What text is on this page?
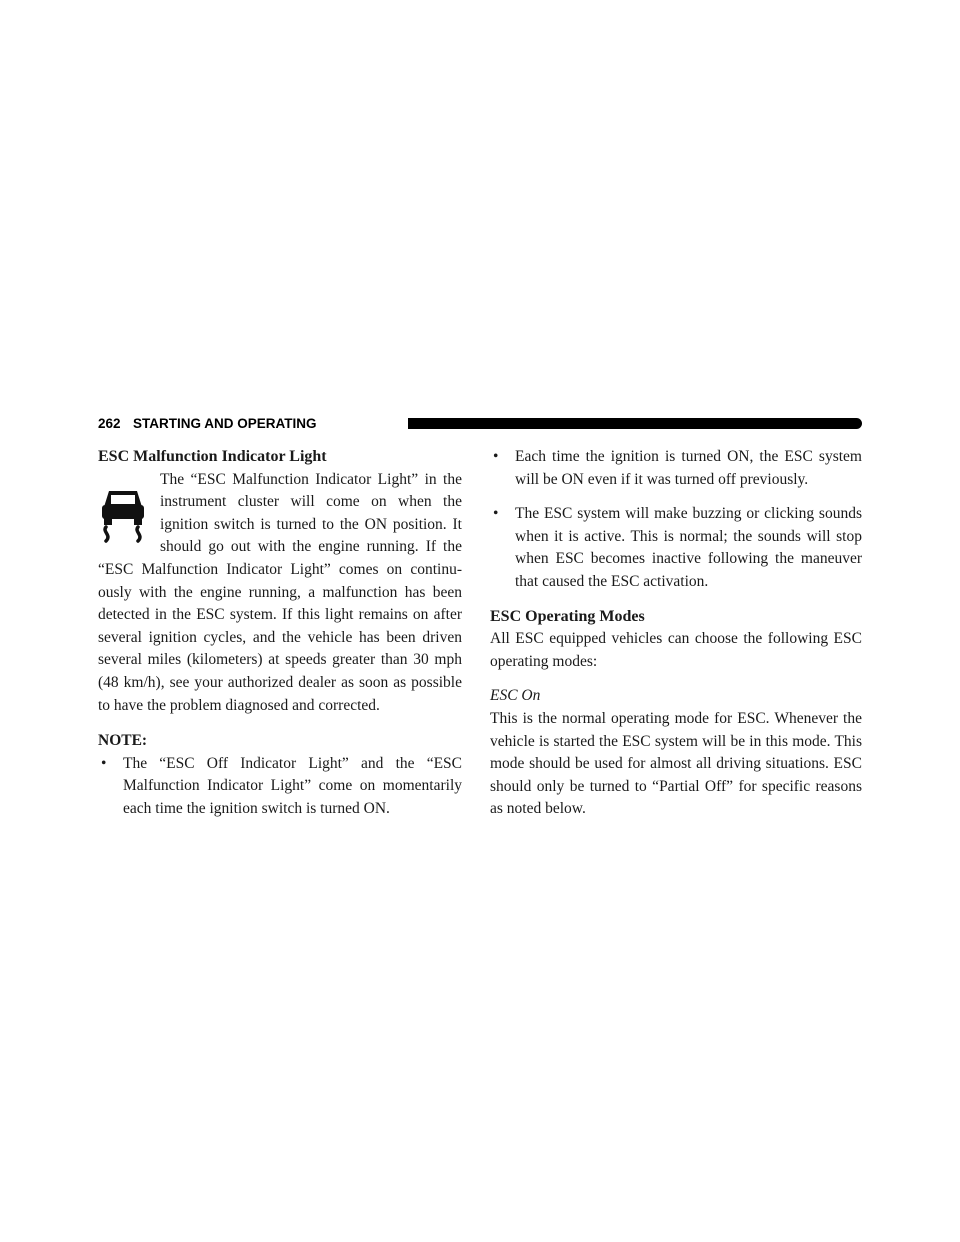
262 STARTING AND OPERATING
ESC Malfunction Indicator Light

The “ESC Malfunction Indicator Light” in the instrument cluster will come on when the ignition switch is turned to the ON position. It should go out with the engine running. If the “ESC Malfunction Indicator Light” comes on continuously with the engine running, a malfunction has been detected in the ESC system. If this light remains on after several ignition cycles, and the vehicle has been driven several miles (kilometers) at speeds greater than 30 mph (48 km/h), see your authorized dealer as soon as possible to have the problem diagnosed and corrected.

NOTE:

• The “ESC Off Indicator Light” and the “ESC Malfunction Indicator Light” come on momentarily each time the ignition switch is turned ON.
• Each time the ignition is turned ON, the ESC system will be ON even if it was turned off previously.
• The ESC system will make buzzing or clicking sounds when it is active. This is normal; the sounds will stop when ESC becomes inactive following the maneuver that caused the ESC activation.
ESC Operating Modes

All ESC equipped vehicles can choose the following ESC operating modes:

ESC On

This is the normal operating mode for ESC. Whenever the vehicle is started the ESC system will be in this mode. This mode should be used for almost all driving situations. ESC should only be turned to “Partial Off” for specific reasons as noted below.
